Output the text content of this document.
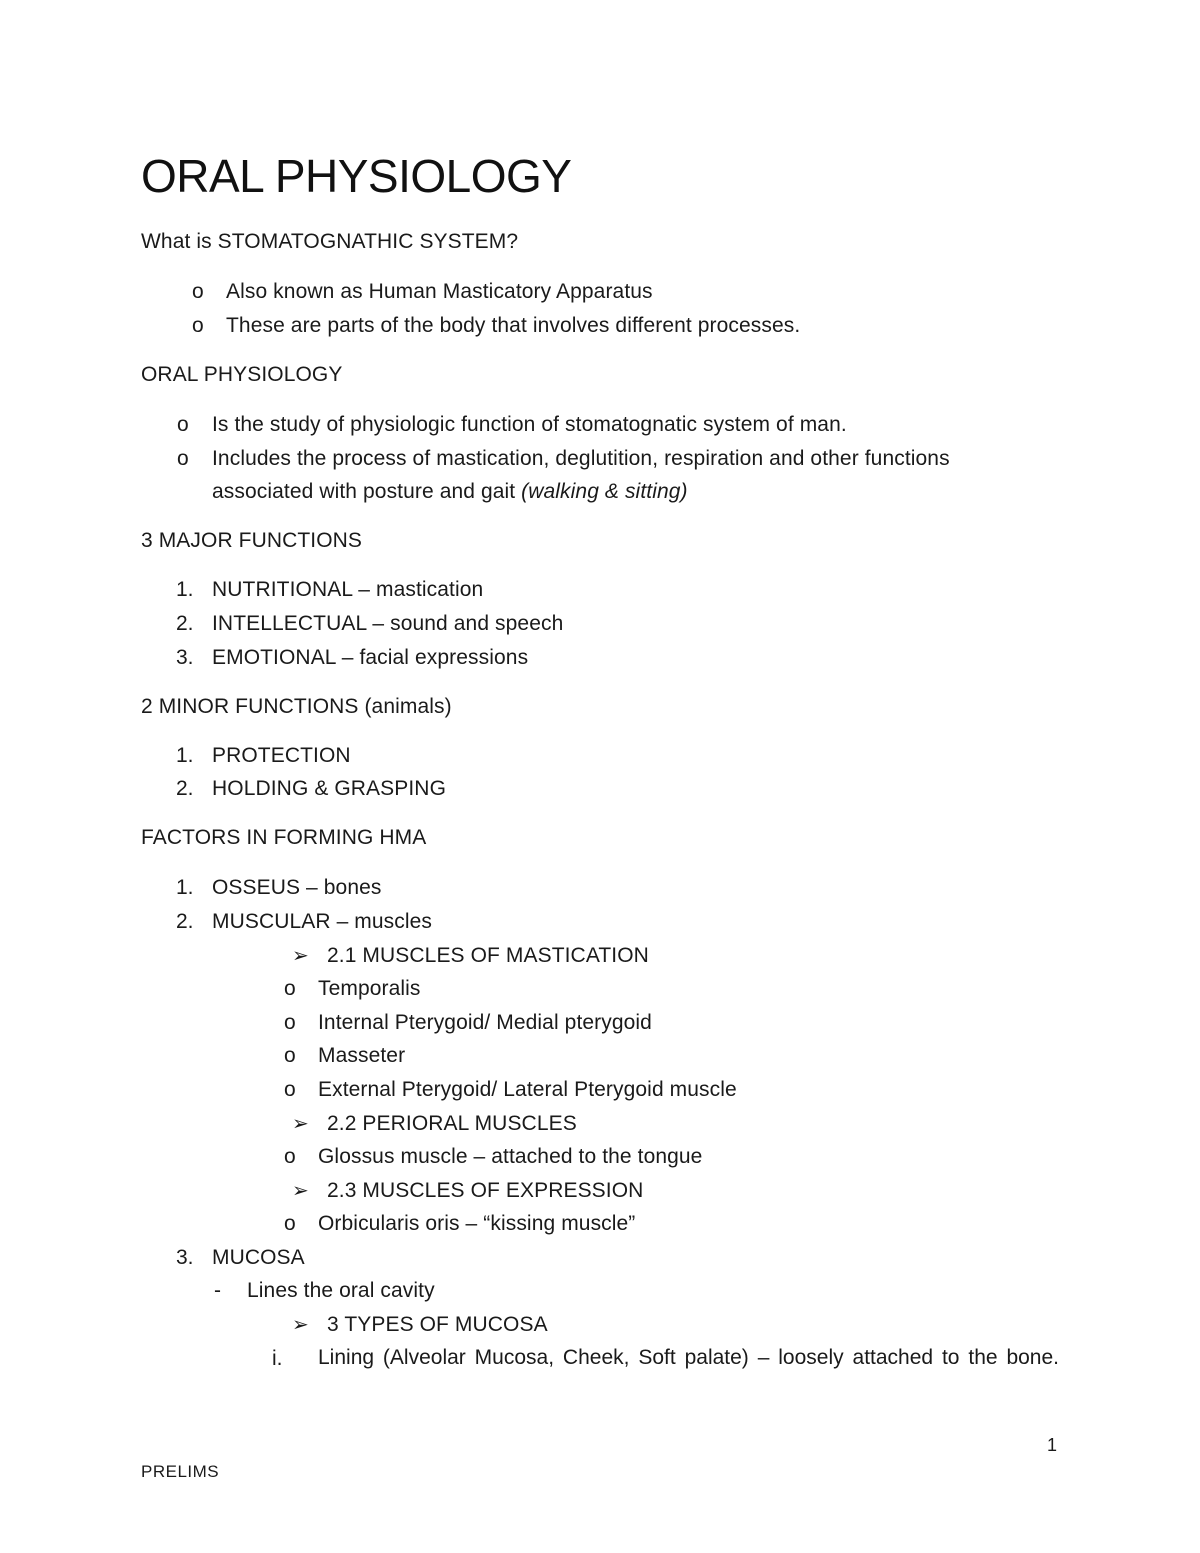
ORAL PHYSIOLOGY
What is STOMATOGNATHIC SYSTEM?
o Also known as Human Masticatory Apparatus
o These are parts of the body that involves different processes.
ORAL PHYSIOLOGY
o Is the study of physiologic function of stomatognatic system of man.
o Includes the process of mastication, deglutition, respiration and other functions
associated with posture and gait (walking & sitting)
3 MAJOR FUNCTIONS
1. NUTRITIONAL – mastication
2. INTELLECTUAL – sound and speech
3. EMOTIONAL – facial expressions
2 MINOR FUNCTIONS (animals)
1. PROTECTION
2. HOLDING & GRASPING
FACTORS IN FORMING HMA
1. OSSEUS – bones
2. MUSCULAR – muscles
➢ 2.1 MUSCLES OF MASTICATION
o Temporalis
o Internal Pterygoid/ Medial pterygoid
o Masseter
o External Pterygoid/ Lateral Pterygoid muscle
➢ 2.2 PERIORAL MUSCLES
o Glossus muscle – attached to the tongue
➢ 2.3 MUSCLES OF EXPRESSION
o Orbicularis oris – “kissing muscle”
3. MUCOSA
- Lines the oral cavity
➢ 3 TYPES OF MUCOSA
i. Lining (Alveolar Mucosa, Cheek, Soft palate) – loosely attached to the bone.
1
PRELIMS
